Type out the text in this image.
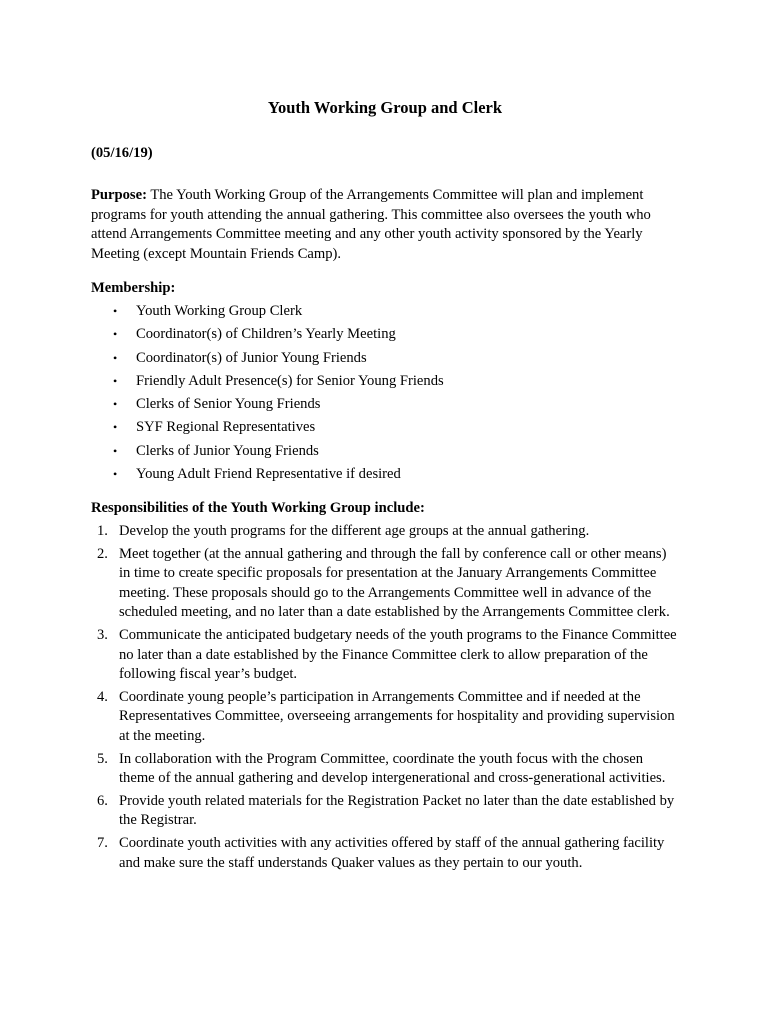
Youth Working Group and Clerk
(05/16/19)
Purpose: The Youth Working Group of the Arrangements Committee will plan and implement programs for youth attending the annual gathering. This committee also oversees the youth who attend Arrangements Committee meeting and any other youth activity sponsored by the Yearly Meeting (except Mountain Friends Camp).
Membership:
• Youth Working Group Clerk
• Coordinator(s) of Children’s Yearly Meeting
• Coordinator(s) of Junior Young Friends
• Friendly Adult Presence(s) for Senior Young Friends
• Clerks of Senior Young Friends
• SYF Regional Representatives
• Clerks of Junior Young Friends
• Young Adult Friend Representative if desired
Responsibilities of the Youth Working Group include:
1. Develop the youth programs for the different age groups at the annual gathering.
2. Meet together (at the annual gathering and through the fall by conference call or other means) in time to create specific proposals for presentation at the January Arrangements Committee meeting. These proposals should go to the Arrangements Committee well in advance of the scheduled meeting, and no later than a date established by the Arrangements Committee clerk.
3. Communicate the anticipated budgetary needs of the youth programs to the Finance Committee no later than a date established by the Finance Committee clerk to allow preparation of the following fiscal year’s budget.
4. Coordinate young people’s participation in Arrangements Committee and if needed at the Representatives Committee, overseeing arrangements for hospitality and providing supervision at the meeting.
5. In collaboration with the Program Committee, coordinate the youth focus with the chosen theme of the annual gathering and develop intergenerational and cross-generational activities.
6. Provide youth related materials for the Registration Packet no later than the date established by the Registrar.
7. Coordinate youth activities with any activities offered by staff of the annual gathering facility and make sure the staff understands Quaker values as they pertain to our youth.
